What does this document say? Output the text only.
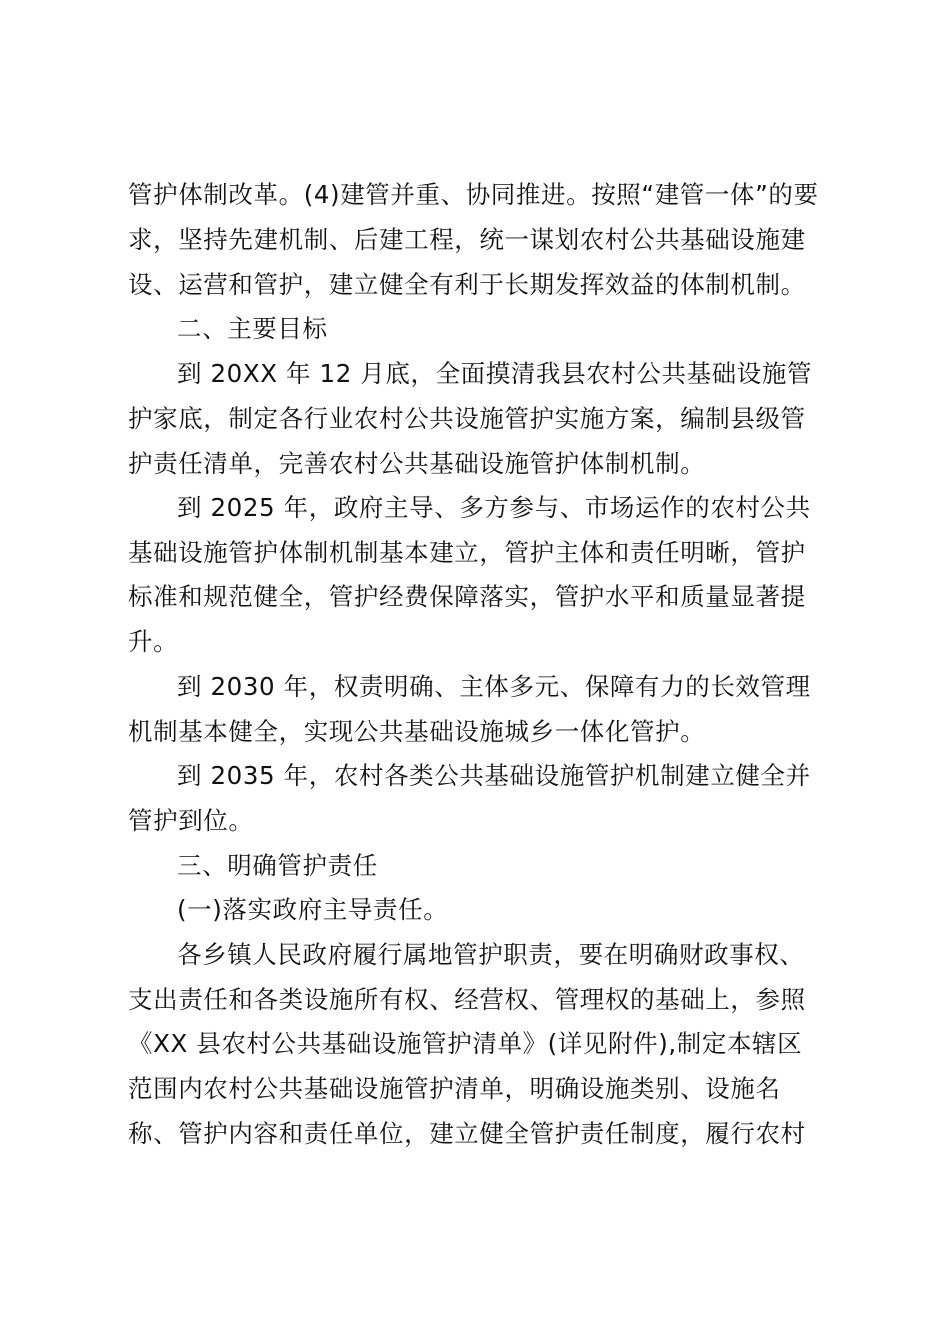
管护体制改革。(4)建管并重、协同推进。按照“建管一体”的要
求，坚持先建机制、后建工程，统一谋划农村公共基础设施建
设、运营和管护，建立健全有利于长期发挥效益的体制机制。
二、主要目标
到 20XX 年 12 月底，全面摸清我县农村公共基础设施管
护家底，制定各行业农村公共设施管护实施方案，编制县级管
护责任清单，完善农村公共基础设施管护体制机制。
到 2025 年，政府主导、多方参与、市场运作的农村公共
基础设施管护体制机制基本建立，管护主体和责任明晰，管护
标准和规范健全，管护经费保障落实，管护水平和质量显著提
升。
到 2030 年，权责明确、主体多元、保障有力的长效管理
机制基本健全，实现公共基础设施城乡一体化管护。
到 2035 年，农村各类公共基础设施管护机制建立健全并
管护到位。
三、明确管护责任
(一)落实政府主导责任。
各乡镇人民政府履行属地管护职责，要在明确财政事权、
支出责任和各类设施所有权、经营权、管理权的基础上，参照
《XX 县农村公共基础设施管护清单》(详见附件),制定本辖区
范围内农村公共基础设施管护清单，明确设施类别、设施名
称、管护内容和责任单位，建立健全管护责任制度，履行农村
